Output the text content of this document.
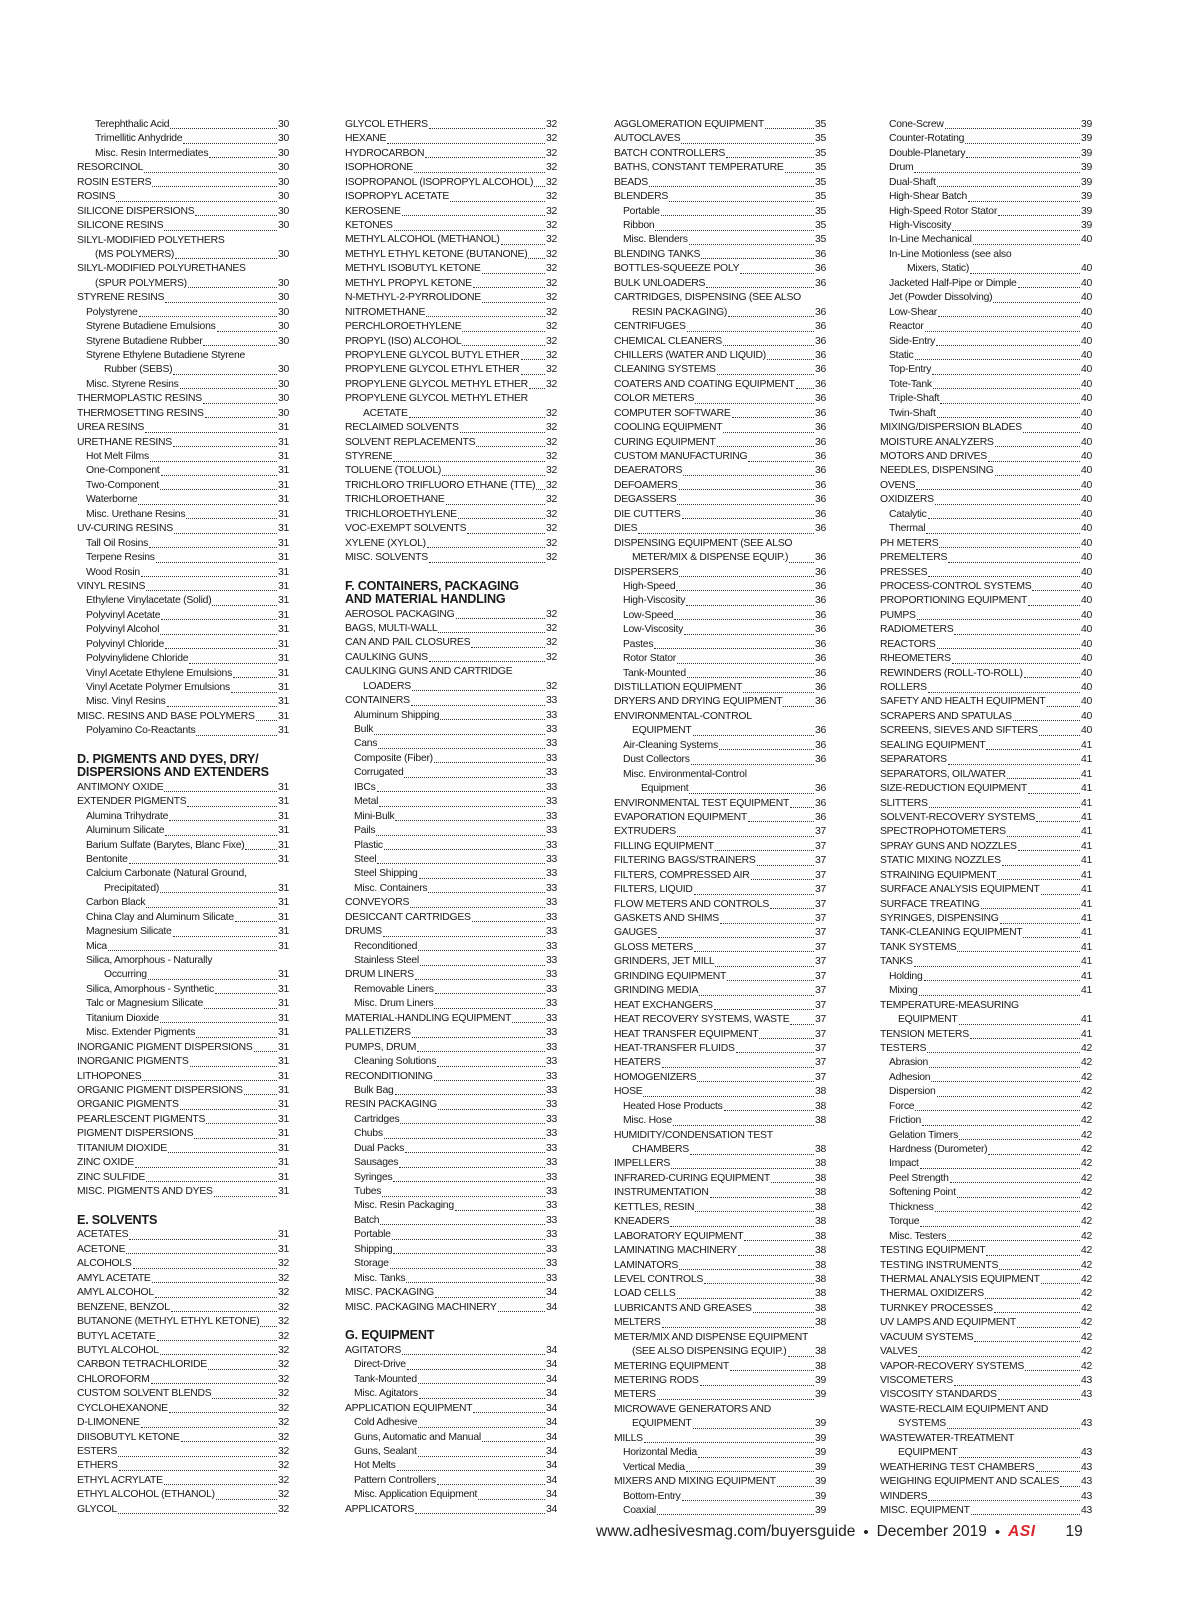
Terephthalic Acid	30
Trimellitic Anhydride	30
Misc. Resin Intermediates	30
RESORCINOL	30
ROSIN ESTERS	30
ROSINS	30
SILICONE DISPERSIONS	30
SILICONE RESINS	30
SILYL-MODIFIED POLYETHERS
(MS POLYMERS)	30
SILYL-MODIFIED POLYURETHANES
(SPUR POLYMERS)	30
STYRENE RESINS	30
Polystyrene	30
Styrene Butadiene Emulsions	30
Styrene Butadiene Rubber	30
Styrene Ethylene Butadiene Styrene
Rubber (SEBS)	30
Misc. Styrene Resins	30
THERMOPLASTIC RESINS	30
THERMOSETTING RESINS	30
UREA RESINS	31
URETHANE RESINS	31
Hot Melt Films	31
One-Component	31
Two-Component	31
Waterborne	31
Misc. Urethane Resins	31
UV-CURING RESINS	31
Tall Oil Rosins	31
Terpene Resins	31
Wood Rosin	31
VINYL RESINS	31
Ethylene Vinylacetate (Solid)	31
Polyvinyl Acetate	31
Polyvinyl Alcohol	31
Polyvinyl Chloride	31
Polyvinylidene Chloride	31
Vinyl Acetate Ethylene Emulsions	31
Vinyl Acetate Polymer Emulsions	31
Misc. Vinyl Resins	31
MISC. RESINS AND BASE POLYMERS 31
Polyamino Co-Reactants	31
D. PIGMENTS AND DYES, DRY/
DISPERSIONS AND EXTENDERS
ANTIMONY OXIDE	31
EXTENDER PIGMENTS	31
Alumina Trihydrate	31
Aluminum Silicate	31
Barium Sulfate (Barytes, Blanc Fixe)	31
Bentonite	31
Calcium Carbonate (Natural Ground,
Precipitated)	31
Carbon Black	31
China Clay and Aluminum Silicate	31
Magnesium Silicate	31
Mica	31
Silica, Amorphous - Naturally
Occurring	31
Silica, Amorphous - Synthetic	31
Talc or Magnesium Silicate	31
Titanium Dioxide	31
Misc. Extender Pigments	31
INORGANIC PIGMENT DISPERSIONS 31
INORGANIC PIGMENTS	31
LITHOPONES	31
ORGANIC PIGMENT DISPERSIONS	31
ORGANIC PIGMENTS	31
PEARLESCENT PIGMENTS	31
PIGMENT DISPERSIONS	31
TITANIUM DIOXIDE	31
ZINC OXIDE	31
ZINC SULFIDE	31
MISC. PIGMENTS AND DYES	31
E. SOLVENTS
ACETATES	31
ACETONE	31
ALCOHOLS	32
AMYL ACETATE	32
AMYL ALCOHOL	32
BENZENE, BENZOL	32
BUTANONE (METHYL ETHYL KETONE) 32
BUTYL ACETATE	32
BUTYL ALCOHOL	32
CARBON TETRACHLORIDE	32
CHLOROFORM	32
CUSTOM SOLVENT BLENDS	32
CYCLOHEXANONE	32
D-LIMONENE	32
DIISOBUTYL KETONE	32
ESTERS	32
ETHERS	32
ETHYL ACRYLATE	32
ETHYL ALCOHOL (ETHANOL)	32
GLYCOL	32
GLYCOL ETHERS	32
HEXANE	32
HYDROCARBON	32
ISOPHORONE	32
ISOPROPANOL (ISOPROPYL ALCOHOL) 32
ISOPROPYL ACETATE	32
KEROSENE	32
KETONES	32
METHYL ALCOHOL (METHANOL)	32
METHYL ETHYL KETONE (BUTANONE) 32
METHYL ISOBUTYL KETONE	32
METHYL PROPYL KETONE	32
N-METHYL-2-PYRROLIDONE	32
NITROMETHANE	32
PERCHLOROETHYLENE	32
PROPYL (ISO) ALCOHOL	32
PROPYLENE GLYCOL BUTYL ETHER	32
PROPYLENE GLYCOL ETHYL ETHER	32
PROPYLENE GLYCOL METHYL ETHER 32
PROPYLENE GLYCOL METHYL ETHER
ACETATE	32
RECLAIMED SOLVENTS	32
SOLVENT REPLACEMENTS	32
STYRENE	32
TOLUENE (TOLUOL)	32
TRICHLORO TRIFLUORO ETHANE (TTE) 32
TRICHLOROETHANE	32
TRICHLOROETHYLENE	32
VOC-EXEMPT SOLVENTS	32
XYLENE (XYLOL)	32
MISC. SOLVENTS	32
F. CONTAINERS, PACKAGING
AND MATERIAL HANDLING
AEROSOL PACKAGING	32
BAGS, MULTI-WALL	32
CAN AND PAIL CLOSURES	32
CAULKING GUNS	32
CAULKING GUNS AND CARTRIDGE
LOADERS	32
CONTAINERS	33
Aluminum Shipping	33
Bulk	33
Cans	33
Composite (Fiber)	33
Corrugated	33
IBCs	33
Metal	33
Mini-Bulk	33
Pails	33
Plastic	33
Steel	33
Steel Shipping	33
Misc. Containers	33
CONVEYORS	33
DESICCANT CARTRIDGES	33
DRUMS	33
Reconditioned	33
Stainless Steel	33
DRUM LINERS	33
Removable Liners	33
Misc. Drum Liners	33
MATERIAL-HANDLING EQUIPMENT	33
PALLETIZERS	33
PUMPS, DRUM	33
Cleaning Solutions	33
RECONDITIONING	33
Bulk Bag	33
RESIN PACKAGING	33
Cartridges	33
Chubs	33
Dual Packs	33
Sausages	33
Syringes	33
Tubes	33
Misc. Resin Packaging	33
Batch	33
Portable	33
Shipping	33
Storage	33
Misc. Tanks	33
MISC. PACKAGING	34
MISC. PACKAGING MACHINERY	34
G. EQUIPMENT
AGITATORS	34
Direct-Drive	34
Tank-Mounted	34
Misc. Agitators	34
APPLICATION EQUIPMENT	34
Cold Adhesive	34
Guns, Automatic and Manual	34
Guns, Sealant	34
Hot Melts	34
Pattern Controllers	34
Misc. Application Equipment	34
APPLICATORS	34
AGGLOMERATION EQUIPMENT	35
AUTOCLAVES	35
BATCH CONTROLLERS	35
BATHS, CONSTANT TEMPERATURE	35
BEADS	35
BLENDERS	35
Portable	35
Ribbon	35
Misc. Blenders	35
BLENDING TANKS	36
BOTTLES-SQUEEZE POLY	36
BULK UNLOADERS	36
CARTRIDGES, DISPENSING (SEE ALSO
RESIN PACKAGING)	36
CENTRIFUGES	36
CHEMICAL CLEANERS	36
CHILLERS (WATER AND LIQUID)	36
CLEANING SYSTEMS	36
COATERS AND COATING EQUIPMENT 36
COLOR METERS	36
COMPUTER SOFTWARE	36
COOLING EQUIPMENT	36
CURING EQUIPMENT	36
CUSTOM MANUFACTURING	36
DEAERATORS	36
DEFOAMERS	36
DEGASSERS	36
DIE CUTTERS	36
DIES	36
DISPENSING EQUIPMENT (SEE ALSO
METER/MIX & DISPENSE EQUIP.)	36
DISPERSERS	36
High-Speed	36
High-Viscosity	36
Low-Speed	36
Low-Viscosity	36
Pastes	36
Rotor Stator	36
Tank-Mounted	36
DISTILLATION EQUIPMENT	36
DRYERS AND DRYING EQUIPMENT	36
ENVIRONMENTAL-CONTROL
EQUIPMENT	36
Air-Cleaning Systems	36
Dust Collectors	36
Misc. Environmental-Control
Equipment	36
ENVIRONMENTAL TEST EQUIPMENT 36
EVAPORATION EQUIPMENT	36
EXTRUDERS	37
FILLING EQUIPMENT	37
FILTERING BAGS/STRAINERS	37
FILTERS, COMPRESSED AIR	37
FILTERS, LIQUID	37
FLOW METERS AND CONTROLS	37
GASKETS AND SHIMS	37
GAUGES	37
GLOSS METERS	37
GRINDERS, JET MILL	37
GRINDING EQUIPMENT	37
GRINDING MEDIA	37
HEAT EXCHANGERS	37
HEAT RECOVERY SYSTEMS, WASTE 37
HEAT TRANSFER EQUIPMENT	37
HEAT-TRANSFER FLUIDS	37
HEATERS	37
HOMOGENIZERS	37
HOSE	38
Heated Hose Products	38
Misc. Hose	38
HUMIDITY/CONDENSATION TEST
CHAMBERS	38
IMPELLERS	38
INFRARED-CURING EQUIPMENT	38
INSTRUMENTATION	38
KETTLES, RESIN	38
KNEADERS	38
LABORATORY EQUIPMENT	38
LAMINATING MACHINERY	38
LAMINATORS	38
LEVEL CONTROLS	38
LOAD CELLS	38
LUBRICANTS AND GREASES	38
MELTERS	38
METER/MIX AND DISPENSE EQUIPMENT
(SEE ALSO DISPENSING EQUIP.)	38
METERING EQUIPMENT	38
METERING RODS	39
METERS	39
MICROWAVE GENERATORS AND
EQUIPMENT	39
MILLS	39
Horizontal Media	39
Vertical Media	39
MIXERS AND MIXING EQUIPMENT	39
Bottom-Entry	39
Coaxial	39
Cone-Screw	39
Counter-Rotating	39
Double-Planetary	39
Drum	39
Dual-Shaft	39
High-Shear Batch	39
High-Speed Rotor Stator	39
High-Viscosity	39
In-Line Mechanical	40
In-Line Motionless (see also
Mixers, Static)	40
Jacketed Half-Pipe or Dimple	40
Jet (Powder Dissolving)	40
Low-Shear	40
Reactor	40
Side-Entry	40
Static	40
Top-Entry	40
Tote-Tank	40
Triple-Shaft	40
Twin-Shaft	40
MIXING/DISPERSION BLADES	40
MOISTURE ANALYZERS	40
MOTORS AND DRIVES	40
NEEDLES, DISPENSING	40
OVENS	40
OXIDIZERS	40
Catalytic	40
Thermal	40
PH METERS	40
PREMELTERS	40
PRESSES	40
PROCESS-CONTROL SYSTEMS	40
PROPORTIONING EQUIPMENT	40
PUMPS	40
RADIOMETERS	40
REACTORS	40
RHEOMETERS	40
REWINDERS (ROLL-TO-ROLL)	40
ROLLERS	40
SAFETY AND HEALTH EQUIPMENT	40
SCRAPERS AND SPATULAS	40
SCREENS, SIEVES AND SIFTERS	40
SEALING EQUIPMENT	41
SEPARATORS	41
SEPARATORS, OIL/WATER	41
SIZE-REDUCTION EQUIPMENT	41
SLITTERS	41
SOLVENT-RECOVERY SYSTEMS	41
SPECTROPHOTOMETERS	41
SPRAY GUNS AND NOZZLES	41
STATIC MIXING NOZZLES	41
STRAINING EQUIPMENT	41
SURFACE ANALYSIS EQUIPMENT	41
SURFACE TREATING	41
SYRINGES, DISPENSING	41
TANK-CLEANING EQUIPMENT	41
TANK SYSTEMS	41
TANKS	41
Holding	41
Mixing	41
TEMPERATURE-MEASURING
EQUIPMENT	41
TENSION METERS	41
TESTERS	42
Abrasion	42
Adhesion	42
Dispersion	42
Force	42
Friction	42
Gelation Timers	42
Hardness (Durometer)	42
Impact	42
Peel Strength	42
Softening Point	42
Thickness	42
Torque	42
Misc. Testers	42
TESTING EQUIPMENT	42
TESTING INSTRUMENTS	42
THERMAL ANALYSIS EQUIPMENT	42
THERMAL OXIDIZERS	42
TURNKEY PROCESSES	42
UV LAMPS AND EQUIPMENT	42
VACUUM SYSTEMS	42
VALVES	42
VAPOR-RECOVERY SYSTEMS	42
VISCOMETERS	43
VISCOSITY STANDARDS	43
WASTE-RECLAIM EQUIPMENT AND
SYSTEMS	43
WASTEWATER-TREATMENT
EQUIPMENT	43
WEATHERING TEST CHAMBERS	43
WEIGHING EQUIPMENT AND SCALES 43
WINDERS	43
MISC. EQUIPMENT	43
www.adhesivesmag.com/buyersguide • December 2019 • ASI 19
